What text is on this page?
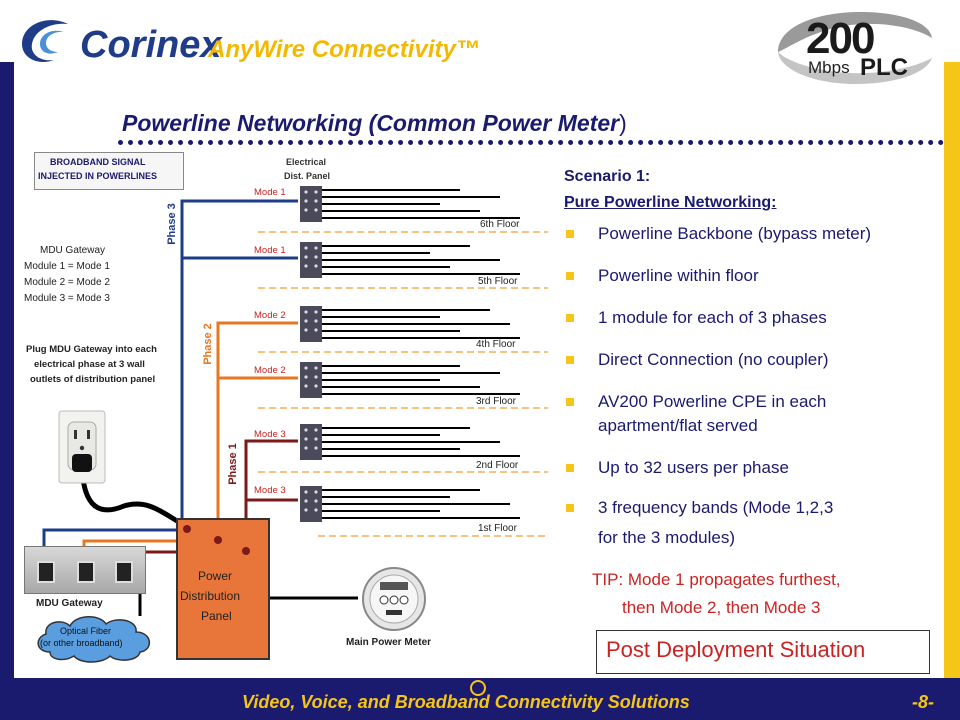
Corinex
AnyWire Connectivity™	200
Mbps PLC
Powerline Networking (Common Power Meter)
BROADBAND SIGNAL
INJECTED IN POWERLINES
Electrical
Dist. Panel
MDU Gateway
Module 1 = Mode 1
Module 2 = Mode 2
Module 3 = Mode 3
Plug MDU Gateway into each
electrical phase at 3 wall
outlets of distribution panel
Phase 3
Phase 2
Phase 1
Mode 1
Mode 1
Mode 2
Mode 2
Mode 3
Mode 3
6th Floor
5th Floor
4th Floor
3rd Floor
2nd Floor
1st Floor
MDU Gateway
Optical Fiber
(or other broadband)
Power
Distribution
Panel
Main Power Meter
Scenario 1:
Pure Powerline Networking:
Powerline Backbone (bypass meter)
Powerline within floor
1 module for each of 3 phases
Direct Connection (no coupler)
AV200 Powerline CPE in each
apartment/flat served
Up to 32 users per phase
3 frequency bands (Mode 1,2,3
for the 3 modules)
TIP: Mode 1 propagates furthest,
then Mode 2, then Mode 3
Post Deployment Situation
Video, Voice, and Broadband Connectivity Solutions	-8-
